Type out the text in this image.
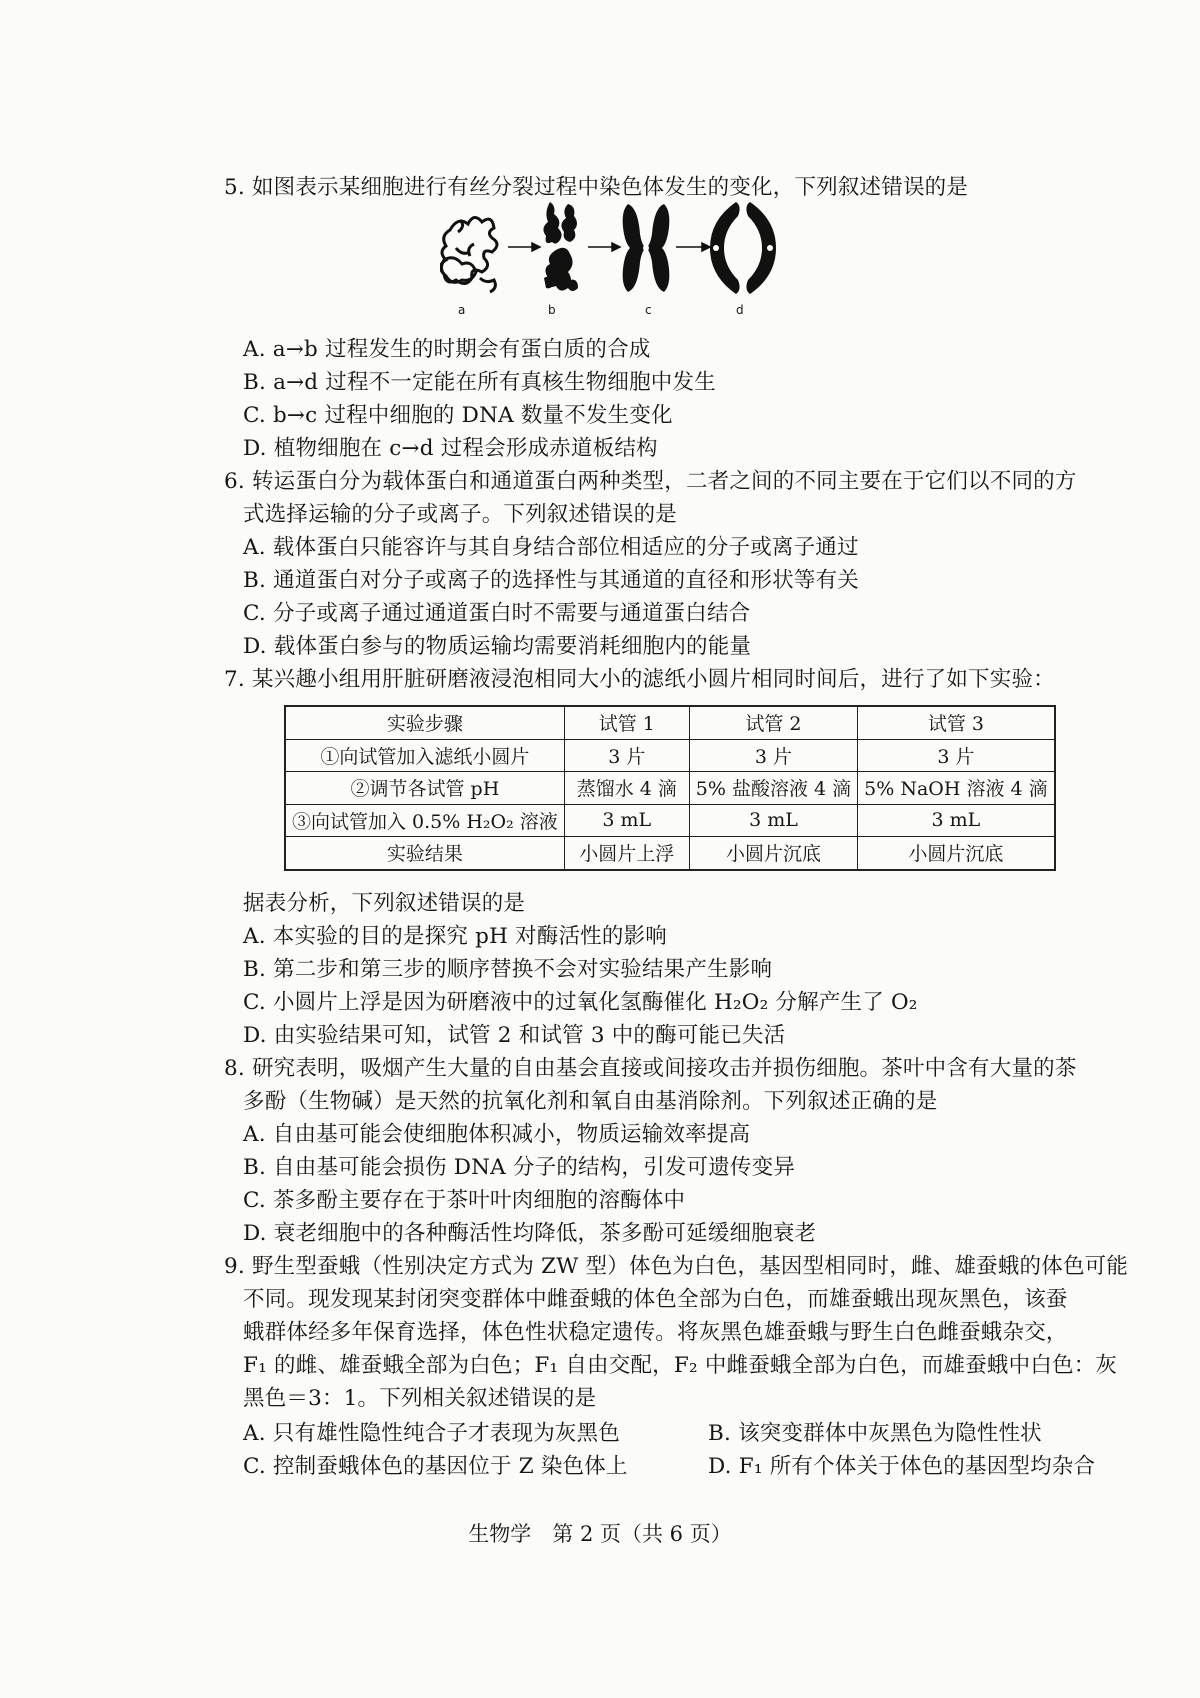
5. 如图表示某细胞进行有丝分裂过程中染色体发生的变化，下列叙述错误的是
a	b	c	d
A. a→b 过程发生的时期会有蛋白质的合成
B. a→d 过程不一定能在所有真核生物细胞中发生
C. b→c 过程中细胞的 DNA 数量不发生变化
D. 植物细胞在 c→d 过程会形成赤道板结构
6. 转运蛋白分为载体蛋白和通道蛋白两种类型，二者之间的不同主要在于它们以不同的方
式选择运输的分子或离子。下列叙述错误的是
A. 载体蛋白只能容许与其自身结合部位相适应的分子或离子通过
B. 通道蛋白对分子或离子的选择性与其通道的直径和形状等有关
C. 分子或离子通过通道蛋白时不需要与通道蛋白结合
D. 载体蛋白参与的物质运输均需要消耗细胞内的能量
7. 某兴趣小组用肝脏研磨液浸泡相同大小的滤纸小圆片相同时间后，进行了如下实验：
实验步骤	试管 1	试管 2	试管 3
①向试管加入滤纸小圆片	3 片	3 片	3 片
②调节各试管 pH	蒸馏水 4 滴	5% 盐酸溶液 4 滴	5% NaOH 溶液 4 滴
③向试管加入 0.5% H₂O₂ 溶液	3 mL	3 mL	3 mL
实验结果	小圆片上浮	小圆片沉底	小圆片沉底
据表分析，下列叙述错误的是
A. 本实验的目的是探究 pH 对酶活性的影响
B. 第二步和第三步的顺序替换不会对实验结果产生影响
C. 小圆片上浮是因为研磨液中的过氧化氢酶催化 H₂O₂ 分解产生了 O₂
D. 由实验结果可知，试管 2 和试管 3 中的酶可能已失活
8. 研究表明，吸烟产生大量的自由基会直接或间接攻击并损伤细胞。茶叶中含有大量的茶
多酚（生物碱）是天然的抗氧化剂和氧自由基消除剂。下列叙述正确的是
A. 自由基可能会使细胞体积减小，物质运输效率提高
B. 自由基可能会损伤 DNA 分子的结构，引发可遗传变异
C. 茶多酚主要存在于茶叶叶肉细胞的溶酶体中
D. 衰老细胞中的各种酶活性均降低，茶多酚可延缓细胞衰老
9. 野生型蚕蛾（性别决定方式为 ZW 型）体色为白色，基因型相同时，雌、雄蚕蛾的体色可能
不同。现发现某封闭突变群体中雌蚕蛾的体色全部为白色，而雄蚕蛾出现灰黑色，该蚕
蛾群体经多年保育选择，体色性状稳定遗传。将灰黑色雄蚕蛾与野生白色雌蚕蛾杂交，
F₁ 的雌、雄蚕蛾全部为白色；F₁ 自由交配，F₂ 中雌蚕蛾全部为白色，而雄蚕蛾中白色：灰
黑色＝3：1。下列相关叙述错误的是
A. 只有雄性隐性纯合子才表现为灰黑色	B. 该突变群体中灰黑色为隐性性状
C. 控制蚕蛾体色的基因位于 Z 染色体上	D. F₁ 所有个体关于体色的基因型均杂合
生物学　第 2 页（共 6 页）
